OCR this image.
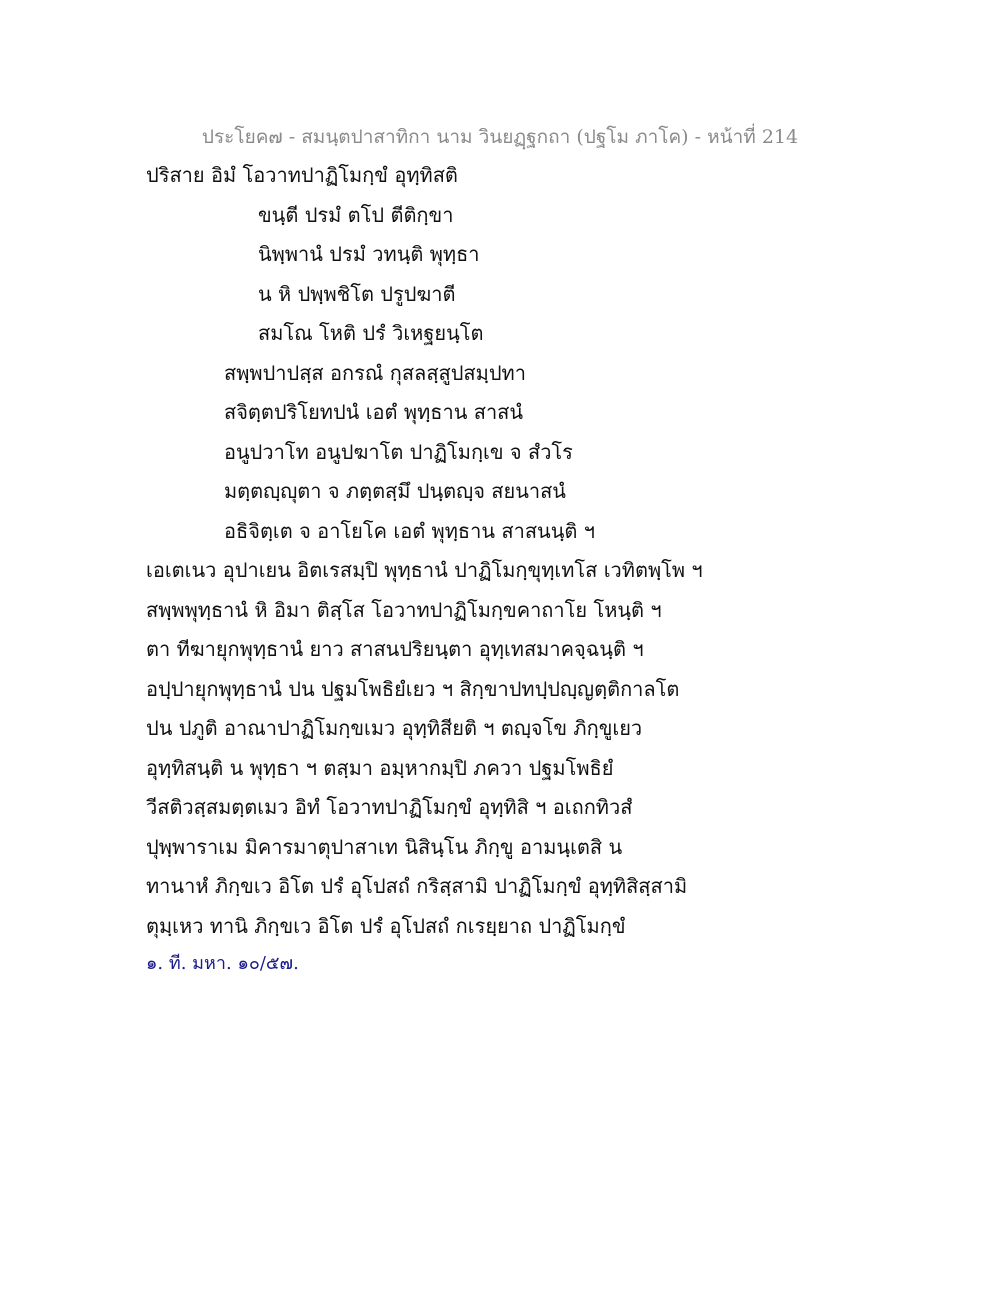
ประโยค๗ - สมนฺตปาสาทิกา นาม วินยฏฺฐกถา (ปฐโม ภาโค) - หน้าที่ 214
ปริสาย อิมํ โอวาทปาฏิโมกฺขํ อุทฺทิสติ
ขนฺตี ปรมํ ตโป ตีติกฺขา
นิพฺพานํ ปรมํ วทนฺติ พุทฺธา
น หิ ปพฺพชิโต ปรูปฆาตี
สมโณ โหติ ปรํ วิเหฐยนฺโต
สพฺพปาปสฺส อกรณํ กุสลสฺสูปสมฺปทา
สจิตฺตปริโยทปนํ เอตํ พุทฺธาน สาสนํ
อนูปวาโท อนูปฆาโต ปาฏิโมกฺเข จ สํวโร
มตฺตญฺญุตา จ ภตฺตสฺมึ ปนฺตญฺจ สยนาสนํ
อธิจิตฺเต จ อาโยโค เอตํ พุทฺธาน สาสนนฺติ ฯ
เอเตเนว อุปาเยน อิตเรสมฺปิ พุทฺธานํ ปาฏิโมกฺขุทฺเทโส เวทิตพฺโพ ฯ
สพฺพพุทฺธานํ หิ อิมา ติสฺโส โอวาทปาฏิโมกฺขคาถาโย โหนฺติ ฯ
ตา ทีฆายุกพุทฺธานํ ยาว สาสนปริยนฺตา อุทฺเทสมาคจฺฉนฺติ ฯ
อปฺปายุกพุทฺธานํ ปน ปฐมโพธิยํเยว ฯ สิกฺขาปทปฺปญฺญตฺติกาลโต
ปน ปภูติ อาณาปาฏิโมกฺขเมว อุทฺทิสียติ ฯ ตญฺจโข ภิกฺขูเยว
อุทฺทิสนฺติ น พุทฺธา ฯ ตสฺมา อมฺหากมฺปิ ภควา ปฐมโพธิยํ
วีสติวสฺสมตฺตเมว อิทํ โอวาทปาฏิโมกฺขํ อุทฺทิสิ ฯ อเถกทิวสํ
ปุพฺพาราเม มิคารมาตุปาสาเท นิสินฺโน ภิกฺขู อามนฺเตสิ น
ทานาหํ ภิกฺขเว อิโต ปรํ อุโปสถํ กริสฺสามิ ปาฏิโมกฺขํ อุทฺทิสิสฺสามิ
ตุมฺเหว ทานิ ภิกฺขเว อิโต ปรํ อุโปสถํ กเรยฺยาถ ปาฏิโมกฺขํ
๑. ที. มหา. ๑๐/๕๗.
